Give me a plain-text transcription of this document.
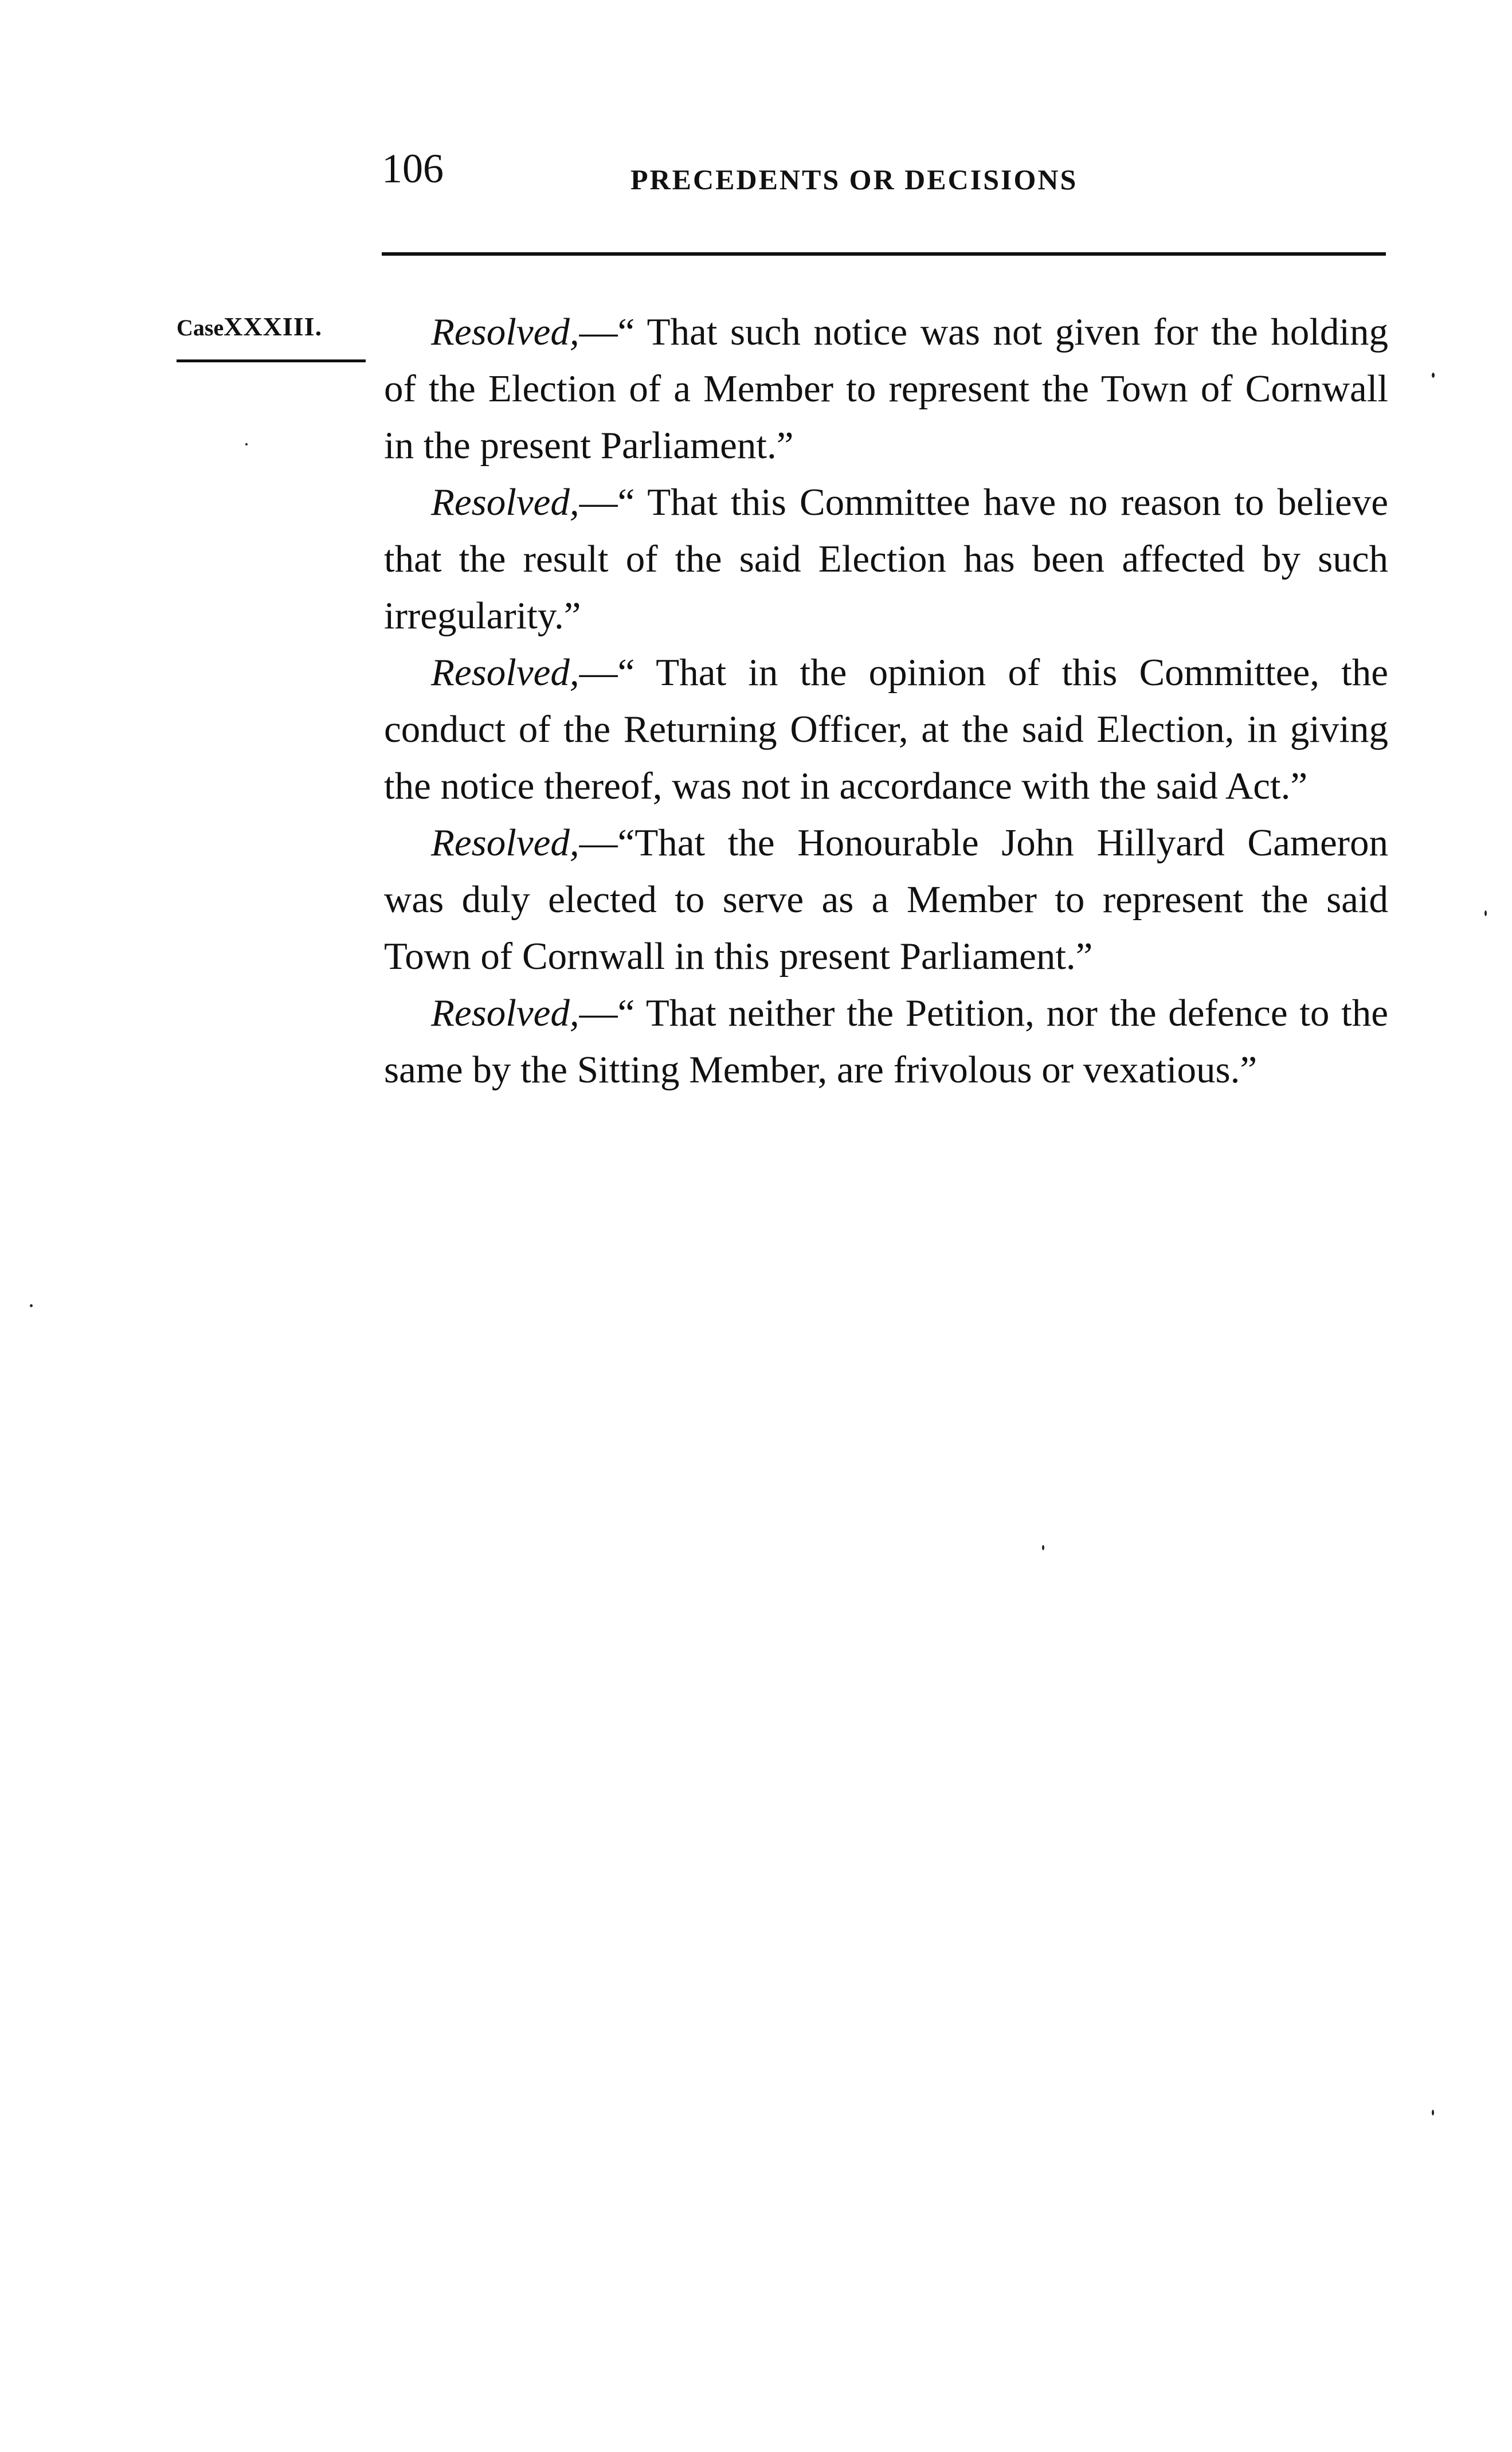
106	PRECEDENTS OR DECISIONS
CaseXXXIII.	Resolved,—“ That such notice was not given for the holding of the Election of a Member to represent the Town of Cornwall in the present Parliament.”

Resolved,—“ That this Committee have no reason to believe that the result of the said Election has been affected by such irregularity.”

Resolved,—“ That in the opinion of this Committee, the conduct of the Returning Officer, at the said Election, in giving the notice thereof, was not in accordance with the said Act.”

Resolved,—“That the Honourable John Hillyard Cameron was duly elected to serve as a Member to represent the said Town of Cornwall in this present Parliament.”

Resolved,—“ That neither the Petition, nor the defence to the same by the Sitting Member, are frivolous or vexatious.”
